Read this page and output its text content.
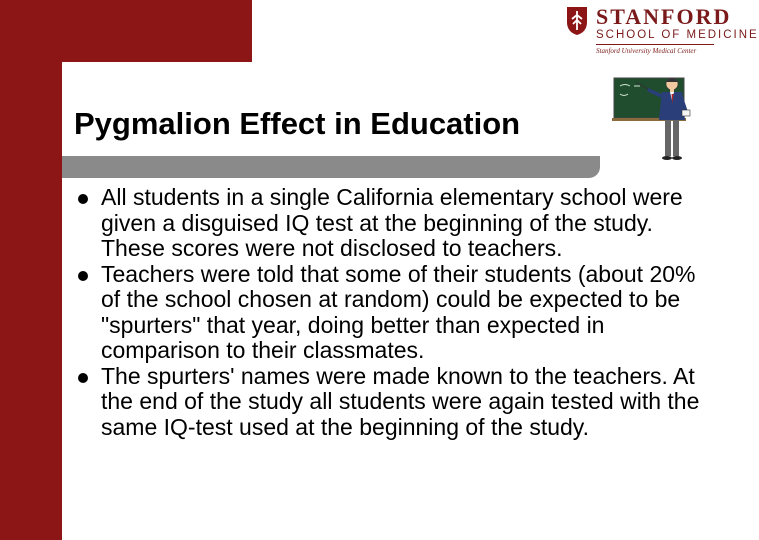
STANFORD
SCHOOL OF MEDICINE
Stanford University Medical Center
Pygmalion Effect in Education
All students in a single California elementary school were given a disguised IQ test at the beginning of the study. These scores were not disclosed to teachers.
Teachers were told that some of their students (about 20% of the school chosen at random) could be expected to be "spurters" that year, doing better than expected in comparison to their classmates.
The spurters' names were made known to the teachers. At the end of the study all students were again tested with the same IQ-test used at the beginning of the study.
